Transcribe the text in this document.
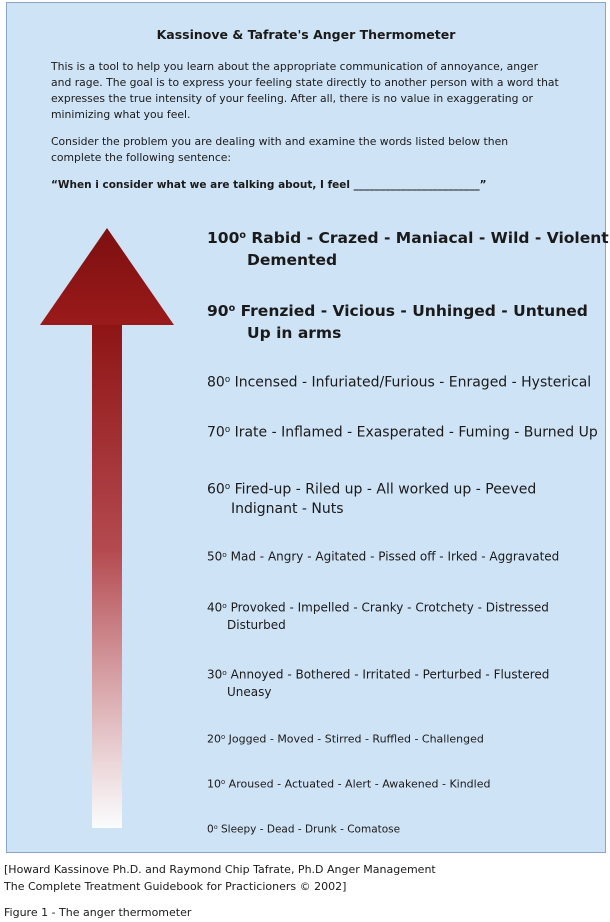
Kassinove & Tafrate's Anger Thermometer
This is a tool to help you learn about the appropriate communication of annoyance, anger and rage. The goal is to express your feeling state directly to another person with a word that expresses the true intensity of your feeling. After all, there is no value in exaggerating or minimizing what you feel.
Consider the problem you are dealing with and examine the words listed below then complete the following sentence:
“When i consider what we are talking about, I feel ________________________”
100$^o$ Rabid - Crazed - Maniacal - Wild - Violent
Demented
90$^o$ Frenzied - Vicious - Unhinged - Untuned
Up in arms
80$^o$ Incensed - Infuriated/Furious - Enraged - Hysterical
70$^o$ Irate - Inflamed - Exasperated - Fuming - Burned Up
60$^o$ Fired-up - Riled up - All worked up - Peeved
Indignant - Nuts
50$^o$ Mad - Angry - Agitated - Pissed off - Irked - Aggravated
40$^o$ Provoked - Impelled - Cranky - Crotchety - Distressed
Disturbed
30$^o$ Annoyed - Bothered - Irritated - Perturbed - Flustered
Uneasy
20$^o$ Jogged - Moved - Stirred - Ruffled - Challenged
10$^o$ Aroused - Actuated - Alert - Awakened - Kindled
0$^o$ Sleepy - Dead - Drunk - Comatose
[Howard Kassinove Ph.D. and Raymond Chip Tafrate, Ph.D Anger Management
The Complete Treatment Guidebook for Practicioners © 2002]
Figure 1 - The anger thermometer
